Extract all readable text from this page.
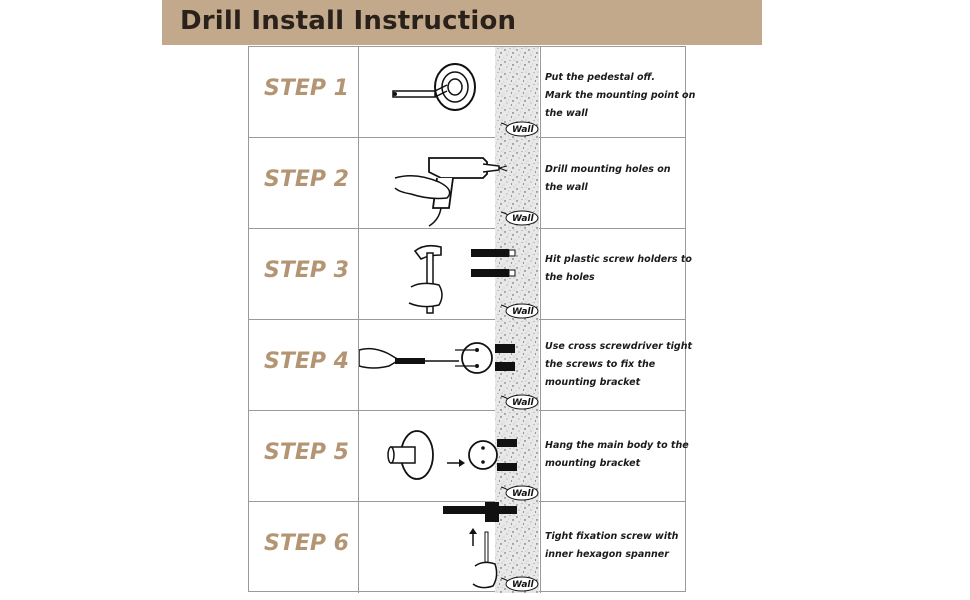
Drill Install Instruction
STEP 1
Wall
Put the pedestal off.
Mark the mounting point on
the wall
STEP 2
Wall
Drill mounting holes on
the wall
STEP 3
Wall
Hit plastic screw holders to
the holes
STEP 4
Wall
Use cross screwdriver tight
the screws to fix the
mounting bracket
STEP 5
Wall
Hang the main body to the
mounting bracket
STEP 6
Wall
Tight fixation screw with
inner hexagon spanner
